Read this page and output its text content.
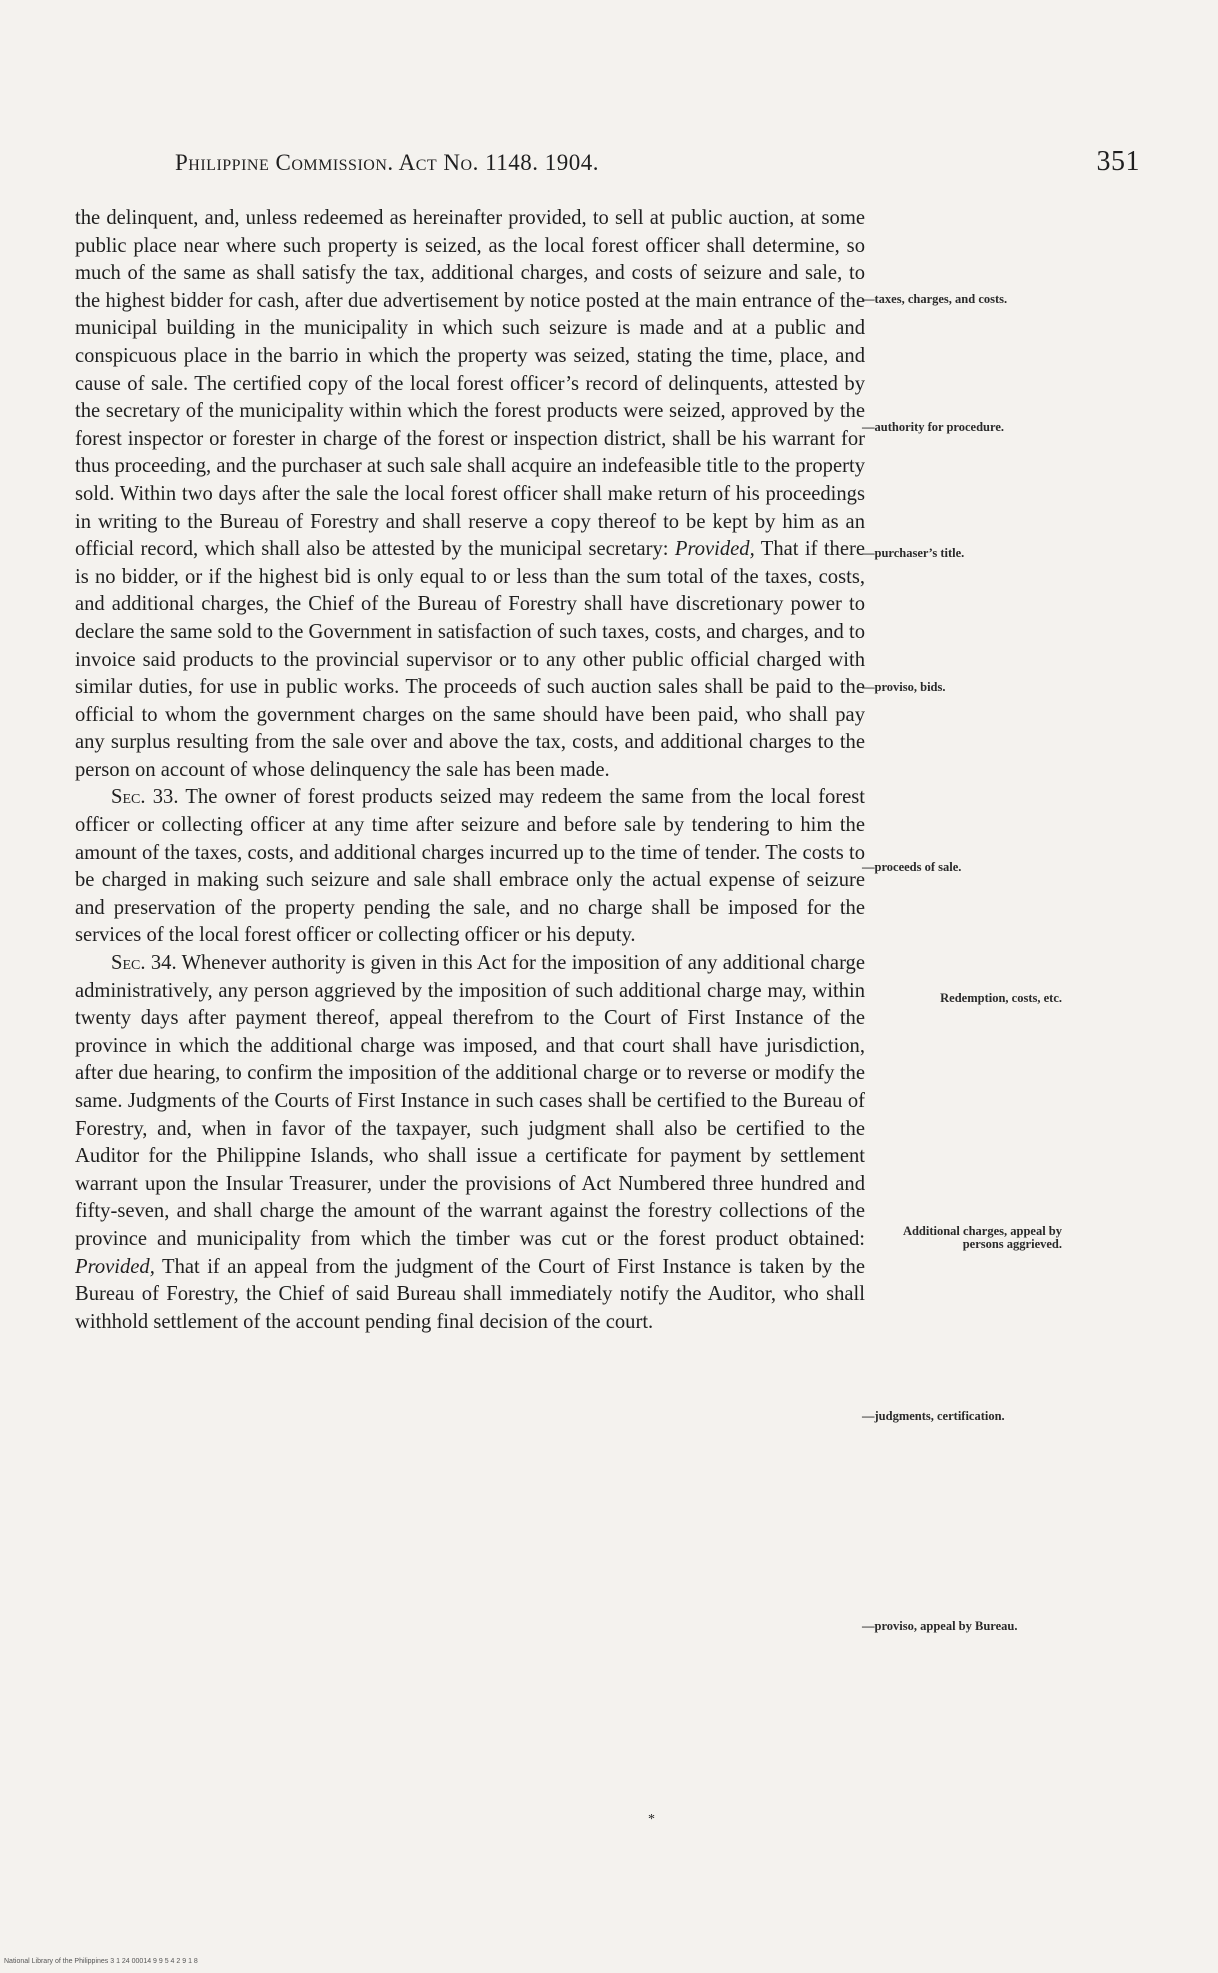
Philippine Commission. Act No. 1148. 1904.	351

the delinquent, and, unless redeemed as hereinafter provided, to sell at public auction, at some public place near where such property is seized, as the local forest officer shall determine, so much of the same as shall satisfy the tax, additional charges, and costs of seizure and sale, to the highest bidder for cash, after due advertisement by notice posted at the main entrance of the municipal building in the municipality in which such seizure is made and at a public and conspicuous place in the barrio in which the property was seized, stating the time, place, and cause of sale. The certified copy of the local forest officer’s record of delinquents, attested by the secretary of the municipality within which the forest products were seized, approved by the forest inspector or forester in charge of the forest or inspection district, shall be his warrant for thus proceeding, and the purchaser at such sale shall acquire an indefeasible title to the property sold. Within two days after the sale the local forest officer shall make return of his proceedings in writing to the Bureau of Forestry and shall reserve a copy thereof to be kept by him as an official record, which shall also be attested by the municipal secretary: Provided, That if there is no bidder, or if the highest bid is only equal to or less than the sum total of the taxes, costs, and additional charges, the Chief of the Bureau of Forestry shall have discretionary power to declare the same sold to the Government in satisfaction of such taxes, costs, and charges, and to invoice said products to the provincial supervisor or to any other public official charged with similar duties, for use in public works. The proceeds of such auction sales shall be paid to the official to whom the government charges on the same should have been paid, who shall pay any surplus resulting from the sale over and above the tax, costs, and additional charges to the person on account of whose delinquency the sale has been made.

Sec. 33. The owner of forest products seized may redeem the same from the local forest officer or collecting officer at any time after seizure and before sale by tendering to him the amount of the taxes, costs, and additional charges incurred up to the time of tender. The costs to be charged in making such seizure and sale shall embrace only the actual expense of seizure and preservation of the property pending the sale, and no charge shall be imposed for the services of the local forest officer or collecting officer or his deputy.

Sec. 34. Whenever authority is given in this Act for the imposition of any additional charge administratively, any person aggrieved by the imposition of such additional charge may, within twenty days after payment thereof, appeal therefrom to the Court of First Instance of the province in which the additional charge was imposed, and that court shall have jurisdiction, after due hearing, to confirm the imposition of the additional charge or to reverse or modify the same. Judgments of the Courts of First Instance in such cases shall be certified to the Bureau of Forestry, and, when in favor of the taxpayer, such judgment shall also be certified to the Auditor for the Philippine Islands, who shall issue a certificate for payment by settlement warrant upon the Insular Treasurer, under the provisions of Act Numbered three hundred and fifty-seven, and shall charge the amount of the warrant against the forestry collections of the province and municipality from which the timber was cut or the forest product obtained: Provided, That if an appeal from the judgment of the Court of First Instance is taken by the Bureau of Forestry, the Chief of said Bureau shall immediately notify the Auditor, who shall withhold settlement of the account pending final decision of the court.

—taxes, charges, and costs.
—authority for procedure.
—purchaser’s title.
—proviso, bids.
—proceeds of sale.
Redemption, costs, etc.
Additional charges, appeal by persons aggrieved.
—judgments, certification.
—proviso, appeal by Bureau.
*
National Library of the Philippines 3 1 24 00014 9 9 5 4 2 9 1 8
